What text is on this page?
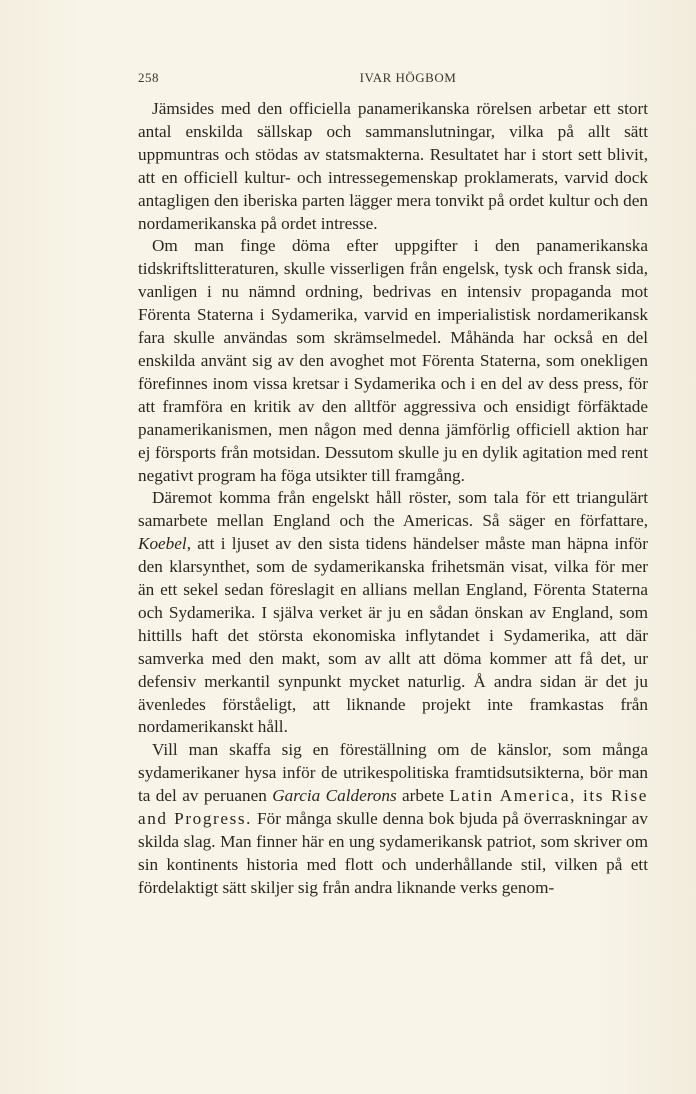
258	IVAR HÖGBOM

Jämsides med den officiella panamerikanska rörelsen arbetar ett stort antal enskilda sällskap och sammanslutningar, vilka på allt sätt uppmuntras och stödas av statsmakterna. Resultatet har i stort sett blivit, att en officiell kultur- och intressegemenskap proklamerats, varvid dock antagligen den iberiska parten lägger mera tonvikt på ordet kultur och den nordamerikanska på ordet intresse.

Om man finge döma efter uppgifter i den panamerikanska tidskriftslitteraturen, skulle visserligen från engelsk, tysk och fransk sida, vanligen i nu nämnd ordning, bedrivas en intensiv propaganda mot Förenta Staterna i Sydamerika, varvid en imperialistisk nordamerikansk fara skulle användas som skrämselmedel. Måhända har också en del enskilda använt sig av den avoghet mot Förenta Staterna, som onekligen förefinnes inom vissa kretsar i Sydamerika och i en del av dess press, för att framföra en kritik av den alltför aggressiva och ensidigt förfäktade panamerikanismen, men någon med denna jämförlig officiell aktion har ej försports från motsidan. Dessutom skulle ju en dylik agitation med rent negativt program ha föga utsikter till framgång.

Däremot komma från engelskt håll röster, som tala för ett triangulärt samarbete mellan England och the Americas. Så säger en författare, Koebel, att i ljuset av den sista tidens händelser måste man häpna inför den klarsynthet, som de sydamerikanska frihetsmän visat, vilka för mer än ett sekel sedan föreslagit en allians mellan England, Förenta Staterna och Sydamerika. I själva verket är ju en sådan önskan av England, som hittills haft det största ekonomiska inflytandet i Sydamerika, att där samverka med den makt, som av allt att döma kommer att få det, ur defensiv merkantil synpunkt mycket naturlig. Å andra sidan är det ju ävenledes förståeligt, att liknande projekt inte framkastas från nordamerikanskt håll.

Vill man skaffa sig en föreställning om de känslor, som många sydamerikaner hysa inför de utrikespolitiska framtidsutsikterna, bör man ta del av peruanen Garcia Calderons arbete Latin America, its Rise and Progress. För många skulle denna bok bjuda på överraskningar av skilda slag. Man finner här en ung sydamerikansk patriot, som skriver om sin kontinents historia med flott och underhållande stil, vilken på ett fördelaktigt sätt skiljer sig från andra liknande verks genom-
